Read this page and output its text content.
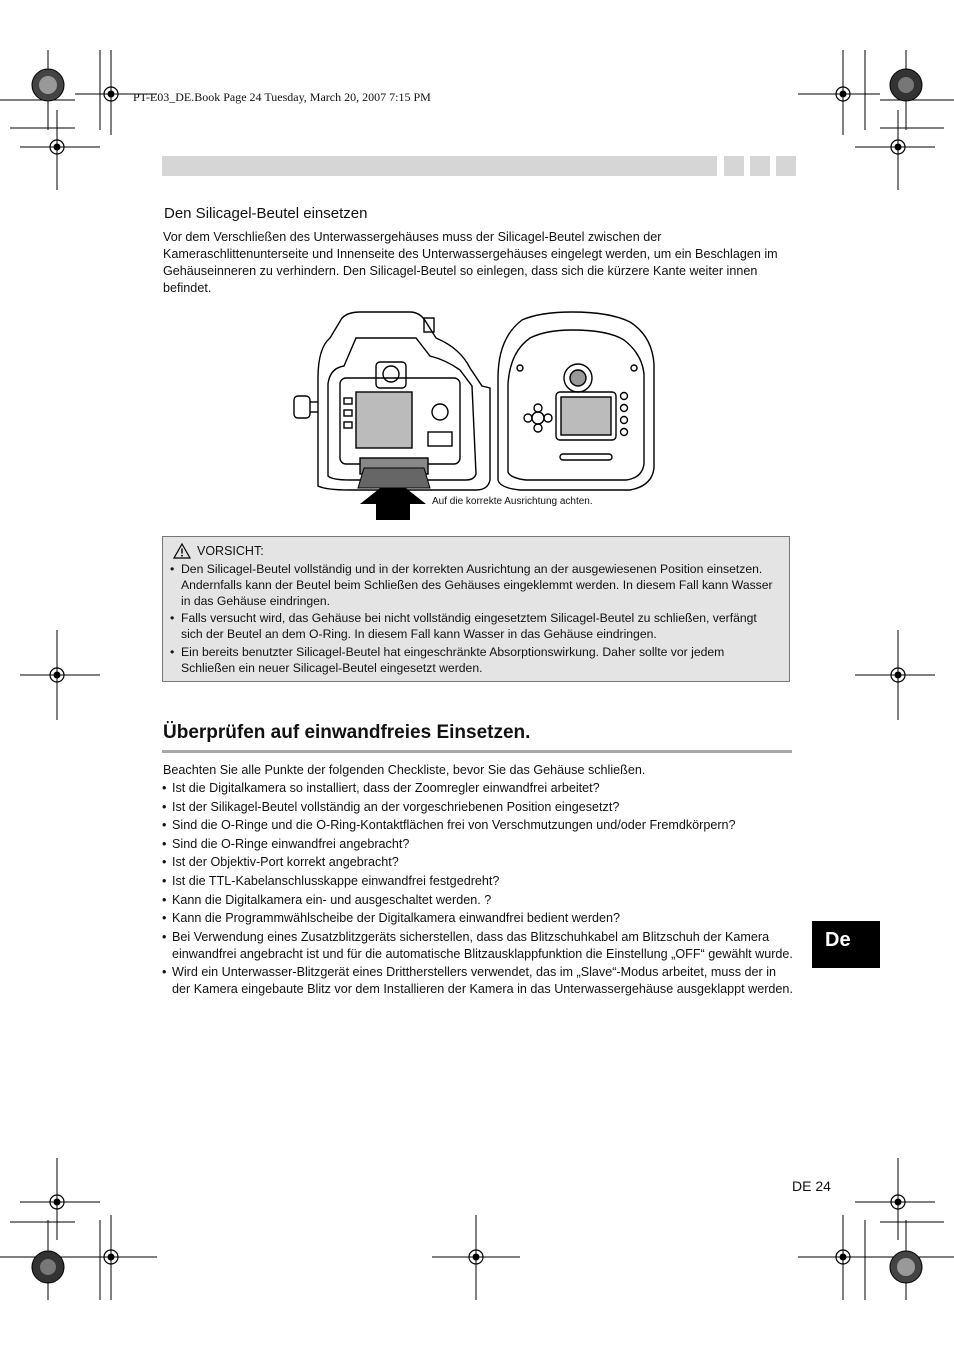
PT-E03_DE.Book Page 24 Tuesday, March 20, 2007 7:15 PM
Den Silicagel-Beutel einsetzen
Vor dem Verschließen des Unterwassergehäuses muss der Silicagel-Beutel zwischen der Kameraschlittenunterseite und Innenseite des Unterwassergehäuses eingelegt werden, um ein Beschlagen im Gehäuseinneren zu verhindern. Den Silicagel-Beutel so einlegen, dass sich die kürzere Kante weiter innen befindet.
Auf die korrekte Ausrichtung achten.
VORSICHT:
• Den Silicagel-Beutel vollständig und in der korrekten Ausrichtung an der ausgewiesenen Position einsetzen. Andernfalls kann der Beutel beim Schließen des Gehäuses eingeklemmt werden. In diesem Fall kann Wasser in das Gehäuse eindringen.
• Falls versucht wird, das Gehäuse bei nicht vollständig eingesetztem Silicagel-Beutel zu schließen, verfängt sich der Beutel an dem O-Ring. In diesem Fall kann Wasser in das Gehäuse eindringen.
• Ein bereits benutzter Silicagel-Beutel hat eingeschränkte Absorptionswirkung. Daher sollte vor jedem Schließen ein neuer Silicagel-Beutel eingesetzt werden.
Überprüfen auf einwandfreies Einsetzen.
Beachten Sie alle Punkte der folgenden Checkliste, bevor Sie das Gehäuse schließen.
• Ist die Digitalkamera so installiert, dass der Zoomregler einwandfrei arbeitet?
• Ist der Silikagel-Beutel vollständig an der vorgeschriebenen Position eingesetzt?
• Sind die O-Ringe und die O-Ring-Kontaktflächen frei von Verschmutzungen und/oder Fremdkörpern?
• Sind die O-Ringe einwandfrei angebracht?
• Ist der Objektiv-Port korrekt angebracht?
• Ist die TTL-Kabelanschlusskappe einwandfrei festgedreht?
• Kann die Digitalkamera ein- und ausgeschaltet werden. ?
• Kann die Programmwählscheibe der Digitalkamera einwandfrei bedient werden?
• Bei Verwendung eines Zusatzblitzgeräts sicherstellen, dass das Blitzschuhkabel am Blitzschuh der Kamera einwandfrei angebracht ist und für die automatische Blitzausklappfunktion die Einstellung „OFF“ gewählt wurde.
• Wird ein Unterwasser-Blitzgerät eines Drittherstellers verwendet, das im „Slave“-Modus arbeitet, muss der in der Kamera eingebaute Blitz vor dem Installieren der Kamera in das Unterwassergehäuse ausgeklappt werden.
De
DE 24
